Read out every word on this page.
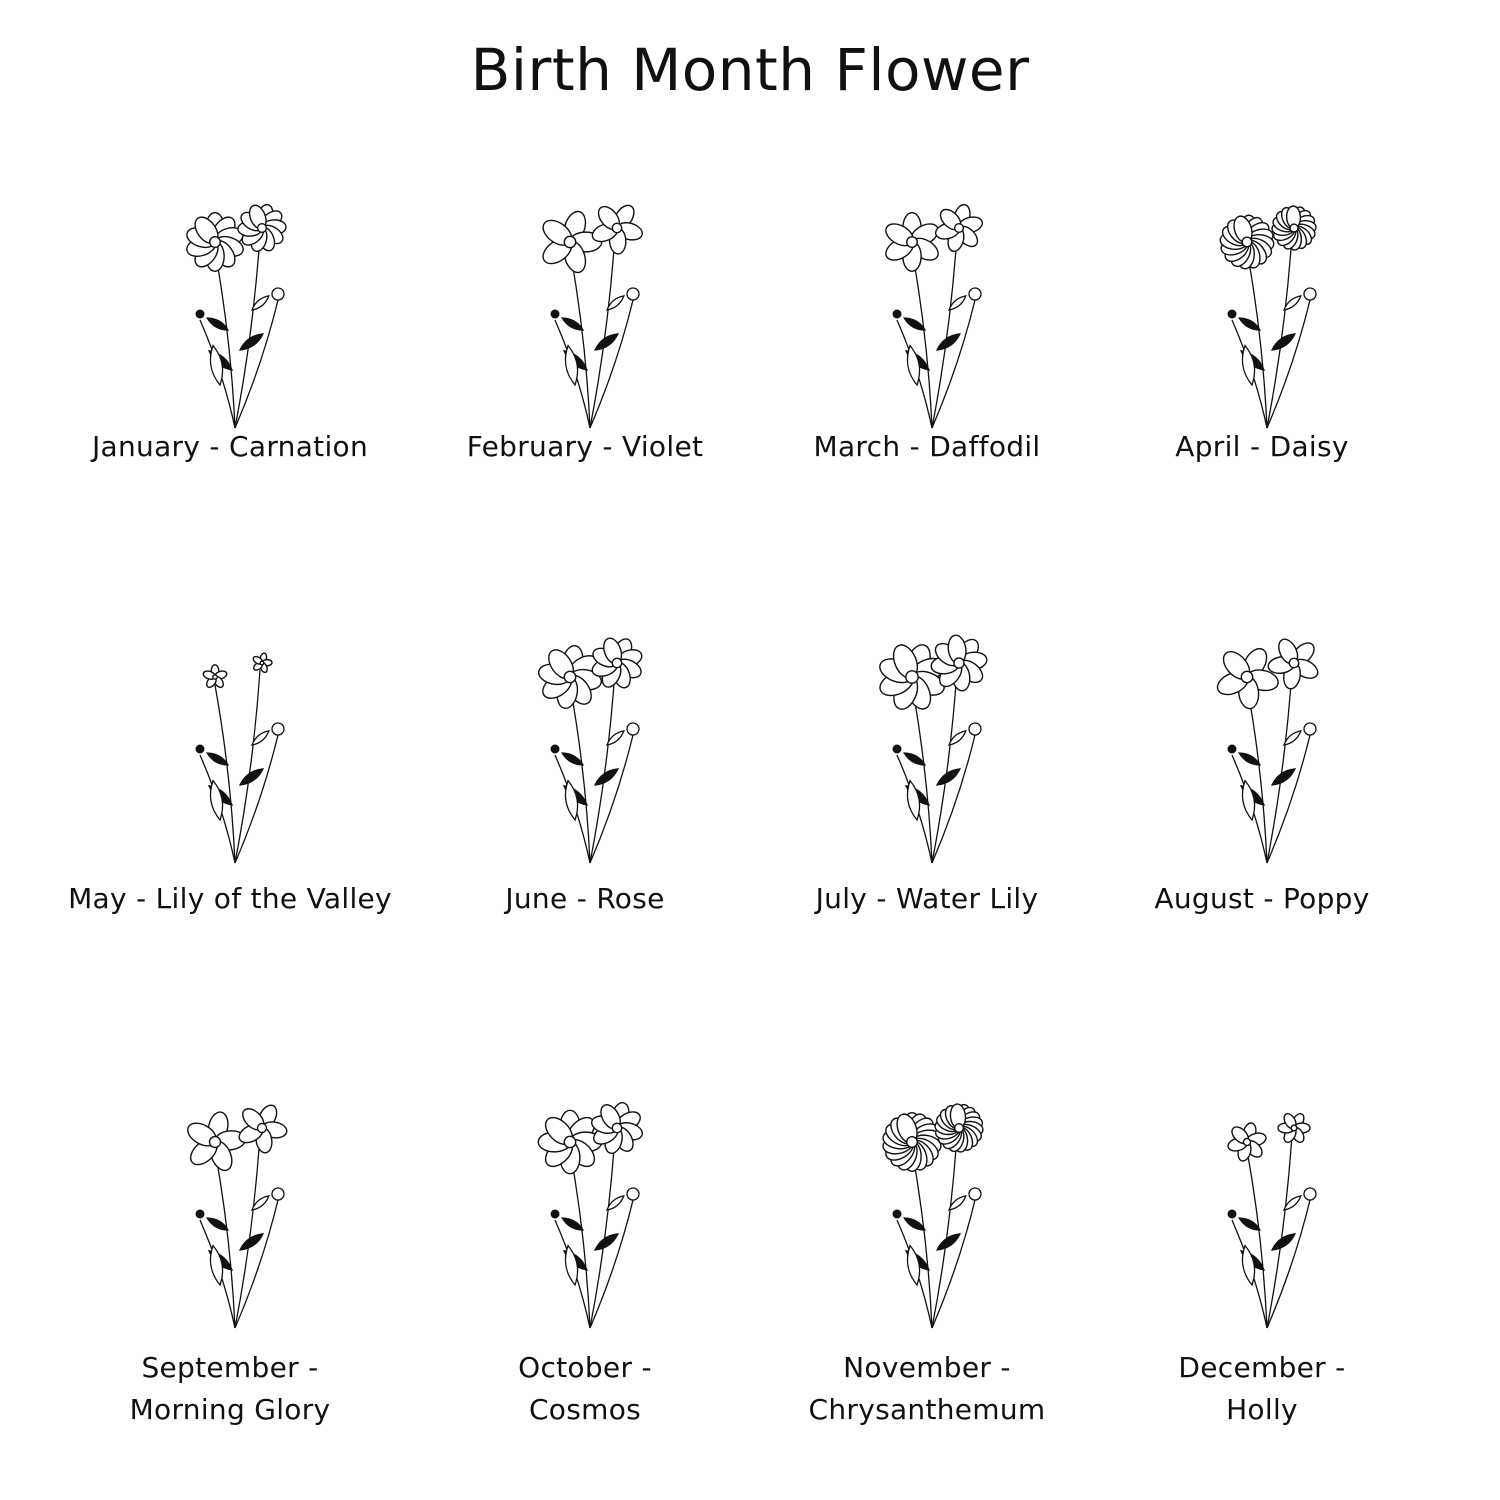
Birth Month Flower
January - Carnation	February - Violet	March - Daffodil	April - Daisy
May - Lily of the Valley	June - Rose	July - Water Lily	August - Poppy
September -
Morning Glory
October -
Cosmos
November -
Chrysanthemum
December -
Holly
